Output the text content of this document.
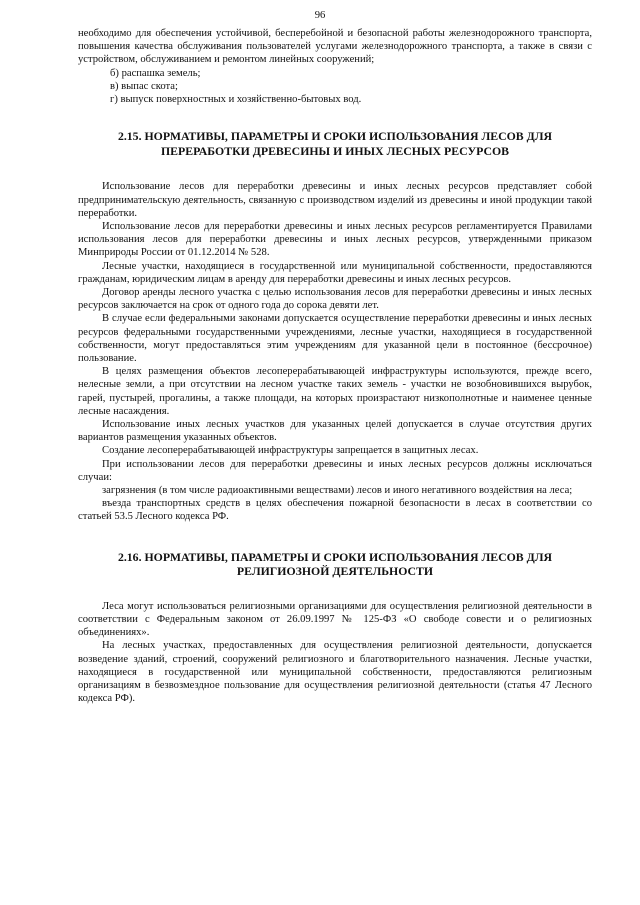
96

необходимо для обеспечения устойчивой, бесперебойной и безопасной работы железнодорожного транспорта, повышения качества обслуживания пользователей услугами железнодорожного транспорта, а также в связи с устройством, обслуживанием и ремонтом линейных сооружений;

б) распашка земель;

в) выпас скота;

г) выпуск поверхностных и хозяйственно-бытовых вод.

2.15. НОРМАТИВЫ, ПАРАМЕТРЫ И СРОКИ ИСПОЛЬЗОВАНИЯ ЛЕСОВ ДЛЯ ПЕРЕРАБОТКИ ДРЕВЕСИНЫ И ИНЫХ ЛЕСНЫХ РЕСУРСОВ

Использование лесов для переработки древесины и иных лесных ресурсов представляет собой предпринимательскую деятельность, связанную с производством изделий из древесины и иной продукции такой переработки.

Использование лесов для переработки древесины и иных лесных ресурсов регламентируется Правилами использования лесов для переработки древесины и иных лесных ресурсов, утвержденными приказом Минприроды России от 01.12.2014 № 528.

Лесные участки, находящиеся в государственной или муниципальной собственности, предоставляются гражданам, юридическим лицам в аренду для переработки древесины и иных лесных ресурсов.

Договор аренды лесного участка с целью использования лесов для переработки древесины и иных лесных ресурсов заключается на срок от одного года до сорока девяти лет.

В случае если федеральными законами допускается осуществление переработки древесины и иных лесных ресурсов федеральными государственными учреждениями, лесные участки, находящиеся в государственной собственности, могут предоставляться этим учреждениям для указанной цели в постоянное (бессрочное) пользование.

В целях размещения объектов лесоперерабатывающей инфраструктуры используются, прежде всего, нелесные земли, а при отсутствии на лесном участке таких земель - участки не возобновившихся вырубок, гарей, пустырей, прогалины, а также площади, на которых произрастают низкополнотные и наименее ценные лесные насаждения.

Использование иных лесных участков для указанных целей допускается в случае отсутствия других вариантов размещения указанных объектов.

Создание лесоперерабатывающей инфраструктуры запрещается в защитных лесах.

При использовании лесов для переработки древесины и иных лесных ресурсов должны исключаться случаи:

загрязнения (в том числе радиоактивными веществами) лесов и иного негативного воздействия на леса;

въезда транспортных средств в целях обеспечения пожарной безопасности в лесах в соответствии со статьей 53.5 Лесного кодекса РФ.

2.16. НОРМАТИВЫ, ПАРАМЕТРЫ И СРОКИ ИСПОЛЬЗОВАНИЯ ЛЕСОВ ДЛЯ РЕЛИГИОЗНОЙ ДЕЯТЕЛЬНОСТИ

Леса могут использоваться религиозными организациями для осуществления религиозной деятельности в соответствии с Федеральным законом от 26.09.1997 № 125-ФЗ «О свободе совести и о религиозных объединениях».

На лесных участках, предоставленных для осуществления религиозной деятельности, допускается возведение зданий, строений, сооружений религиозного и благотворительного назначения. Лесные участки, находящиеся в государственной или муниципальной собственности, предоставляются религиозным организациям в безвозмездное пользование для осуществления религиозной деятельности (статья 47 Лесного кодекса РФ).
